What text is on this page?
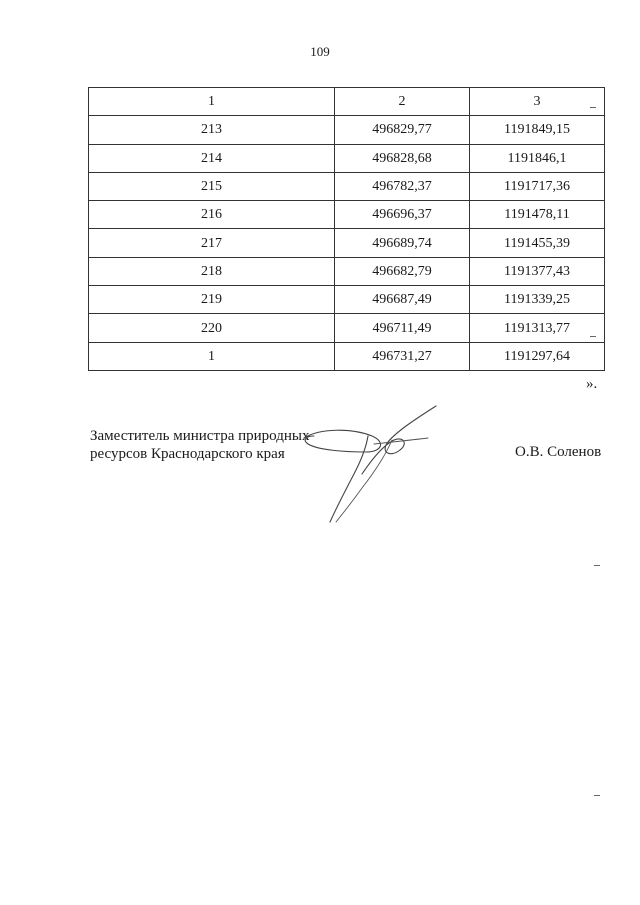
109
1	2	3
213	496829,77	1191849,15
214	496828,68	1191846,1
215	496782,37	1191717,36
216	496696,37	1191478,11
217	496689,74	1191455,39
218	496682,79	1191377,43
219	496687,49	1191339,25
220	496711,49	1191313,77
1	496731,27	1191297,64
».
Заместитель министра природных
ресурсов Краснодарского края	О.В. Соленов
